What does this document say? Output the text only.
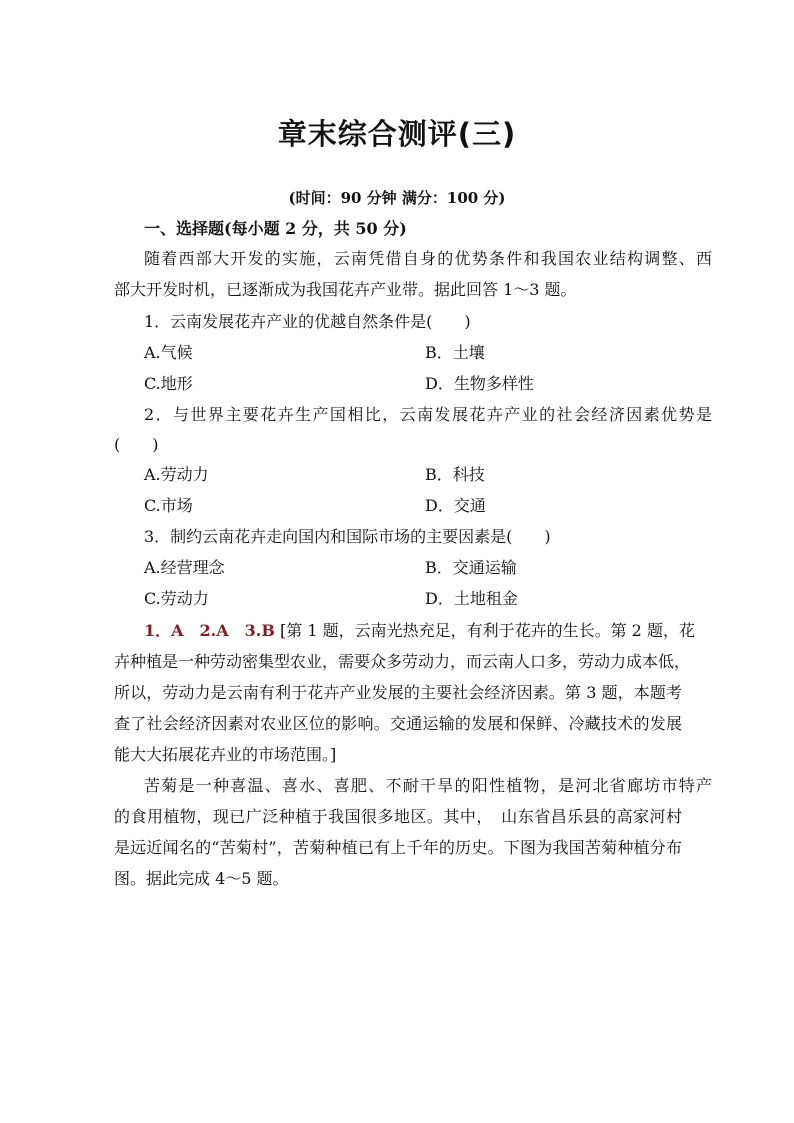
章末综合测评(三)
(时间：90 分钟 满分：100 分)
一、选择题(每小题 2 分，共 50 分)
随着西部大开发的实施，云南凭借自身的优势条件和我国农业结构调整、西
部大开发时机，已逐渐成为我国花卉产业带。据此回答 1～3 题。
1．云南发展花卉产业的优越自然条件是(　　)
A.气候	B．土壤
C.地形	D．生物多样性
2．与世界主要花卉生产国相比，云南发展花卉产业的社会经济因素优势是
(　　)
A.劳动力	B．科技
C.市场	D．交通
3．制约云南花卉走向国内和国际市场的主要因素是(　　)
A.经营理念	B．交通运输
C.劳动力	D．土地租金
1．A　2.A　3.B [第 1 题，云南光热充足，有利于花卉的生长。第 2 题，花
卉种植是一种劳动密集型农业，需要众多劳动力，而云南人口多，劳动力成本低，
所以，劳动力是云南有利于花卉产业发展的主要社会经济因素。第 3 题，本题考
查了社会经济因素对农业区位的影响。交通运输的发展和保鲜、冷藏技术的发展
能大大拓展花卉业的市场范围。]
苦菊是一种喜温、喜水、喜肥、不耐干旱的阳性植物，是河北省廊坊市特产
的食用植物，现已广泛种植于我国很多地区。其中，　山东省昌乐县的高家河村
是远近闻名的“苦菊村”，苦菊种植已有上千年的历史。下图为我国苦菊种植分布
图。据此完成 4～5 题。
